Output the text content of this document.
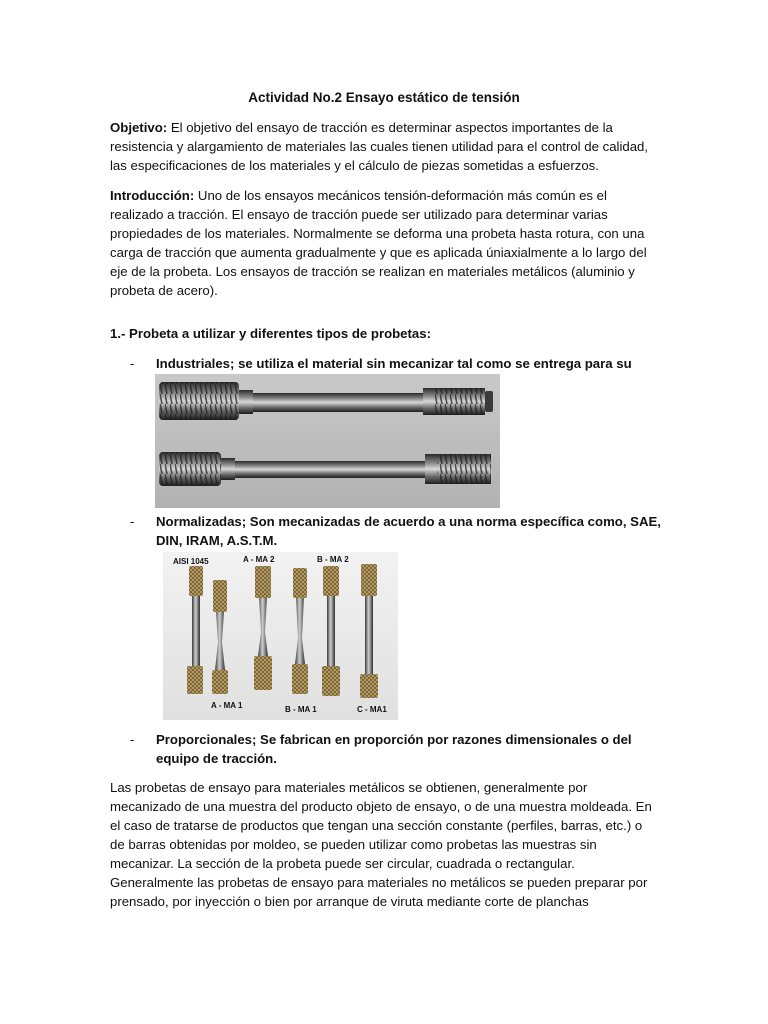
Actividad No.2 Ensayo estático de tensión

Objetivo: El objetivo del ensayo de tracción es determinar aspectos importantes de la resistencia y alargamiento de materiales las cuales tienen utilidad para el control de calidad, las especificaciones de los materiales y el cálculo de piezas sometidas a esfuerzos.

Introducción: Uno de los ensayos mecánicos tensión-deformación más común es el realizado a tracción. El ensayo de tracción puede ser utilizado para determinar varias propiedades de los materiales. Normalmente se deforma una probeta hasta rotura, con una carga de tracción que aumenta gradualmente y que es aplicada úniaxialmente a lo largo del eje de la probeta. Los ensayos de tracción se realizan en materiales metálicos (aluminio y probeta de acero).

1.- Probeta a utilizar y diferentes tipos de probetas:

- Industriales; se utiliza el material sin mecanizar tal como se entrega para su
- Normalizadas; Son mecanizadas de acuerdo a una norma específica como, SAE, DIN, IRAM, A.S.T.M.
AISI 1045	A - MA 2	B - MA 2
A - MA 1	B - MA 1	C - MA1
- Proporcionales; Se fabrican en proporción por razones dimensionales o del equipo de tracción.

Las probetas de ensayo para materiales metálicos se obtienen, generalmente por mecanizado de una muestra del producto objeto de ensayo, o de una muestra moldeada. En el caso de tratarse de productos que tengan una sección constante (perfiles, barras, etc.) o de barras obtenidas por moldeo, se pueden utilizar como probetas las muestras sin mecanizar. La sección de la probeta puede ser circular, cuadrada o rectangular. Generalmente las probetas de ensayo para materiales no metálicos se pueden preparar por prensado, por inyección o bien por arranque de viruta mediante corte de planchas
